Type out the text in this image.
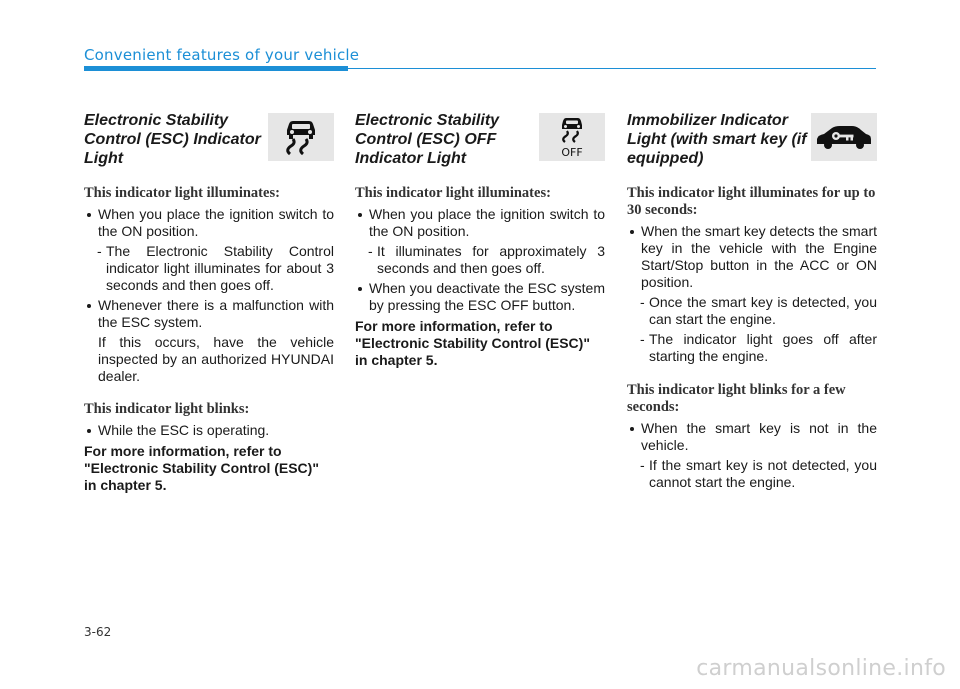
Convenient features of your vehicle
Electronic Stability Control (ESC) Indicator Light
This indicator light illuminates:
When you place the ignition switch to the ON position.
- The Electronic Stability Control indicator light illuminates for about 3 seconds and then goes off.
Whenever there is a malfunction with the ESC system.
If this occurs, have the vehicle inspected by an authorized HYUNDAI dealer.
This indicator light blinks:
While the ESC is operating.
For more information, refer to "Electronic Stability Control (ESC)" in chapter 5.
Electronic Stability Control (ESC) OFF Indicator Light	OFF
This indicator light illuminates:
When you place the ignition switch to the ON position.
- It illuminates for approximately 3 seconds and then goes off.
When you deactivate the ESC system by pressing the ESC OFF button.
For more information, refer to "Electronic Stability Control (ESC)" in chapter 5.
Immobilizer Indicator Light (with smart key (if equipped)
This indicator light illuminates for up to 30 seconds:
When the smart key detects the smart key in the vehicle with the Engine Start/Stop button in the ACC or ON position.
- Once the smart key is detected, you can start the engine.
- The indicator light goes off after starting the engine.
This indicator light blinks for a few seconds:
When the smart key is not in the vehicle.
- If the smart key is not detected, you cannot start the engine.
3-62
carmanualsonline.info
